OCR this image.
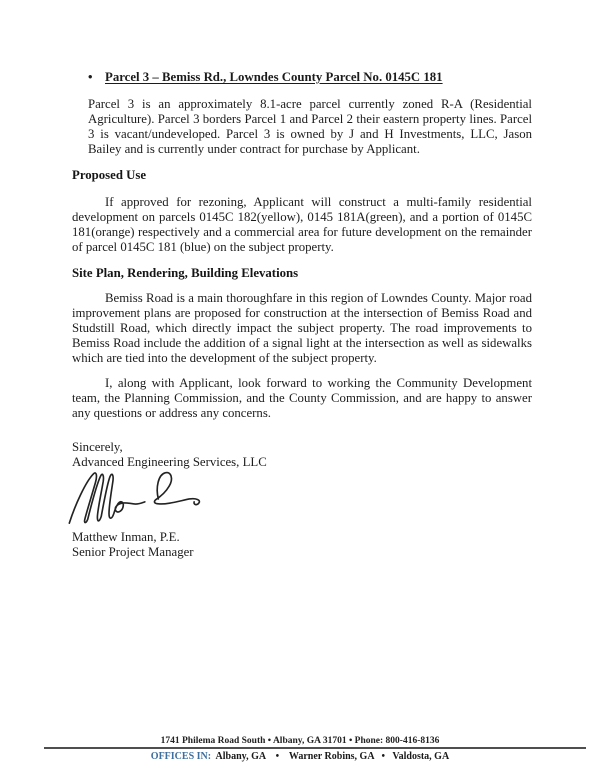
• Parcel 3 – Bemiss Rd., Lowndes County Parcel No. 0145C 181

Parcel 3 is an approximately 8.1-acre parcel currently zoned R-A (Residential Agriculture). Parcel 3 borders Parcel 1 and Parcel 2 their eastern property lines. Parcel 3 is vacant/undeveloped. Parcel 3 is owned by J and H Investments, LLC, Jason Bailey and is currently under contract for purchase by Applicant.

Proposed Use

If approved for rezoning, Applicant will construct a multi-family residential development on parcels 0145C 182(yellow), 0145 181A(green), and a portion of 0145C 181(orange) respectively and a commercial area for future development on the remainder of parcel 0145C 181 (blue) on the subject property.

Site Plan, Rendering, Building Elevations

Bemiss Road is a main thoroughfare in this region of Lowndes County. Major road improvement plans are proposed for construction at the intersection of Bemiss Road and Studstill Road, which directly impact the subject property. The road improvements to Bemiss Road include the addition of a signal light at the intersection as well as sidewalks which are tied into the development of the subject property.

I, along with Applicant, look forward to working the Community Development team, the Planning Commission, and the County Commission, and are happy to answer any questions or address any concerns.

Sincerely,
Advanced Engineering Services, LLC
Matthew Inman, P.E.
Senior Project Manager
1741 Philema Road South • Albany, GA 31701 • Phone: 800-416-8136
OFFICES IN: Albany, GA    •    Warner Robins, GA   •   Valdosta, GA
